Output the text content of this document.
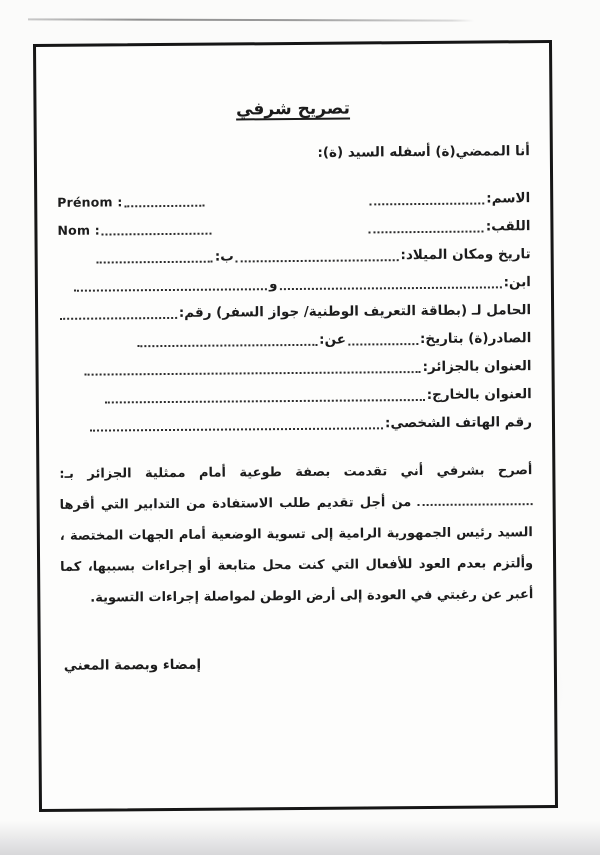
تصريح شرفي
أنا الممضي(ة) أسفله السيد (ة):
الاسم:
Prénom :
اللقب:
Nom :
تاريخ ومكان الميلاد:
ب:
ابن:
و
الحامل لـ (بطاقة التعريف الوطنية/ جواز السفر) رقم:
الصادر(ة) بتاريخ:
عن:
العنوان بالجزائر:
العنوان بالخارج:
رقم الهاتف الشخصي:
أصرح بشرفي أني تقدمت بصفة طوعية أمام ممثلية الجزائر بـ: من أجل تقديم طلب الاستفادة من التدابير التي أقرها السيد رئيس الجمهورية الرامية إلى تسوية الوضعية أمام الجهات المختصة ، وألتزم بعدم العود للأفعال التي كنت محل متابعة أو إجراءات بسببها، كما أعبر عن رغبتي في العودة إلى أرض الوطن لمواصلة إجراءات التسوية.
إمضاء وبصمة المعني
